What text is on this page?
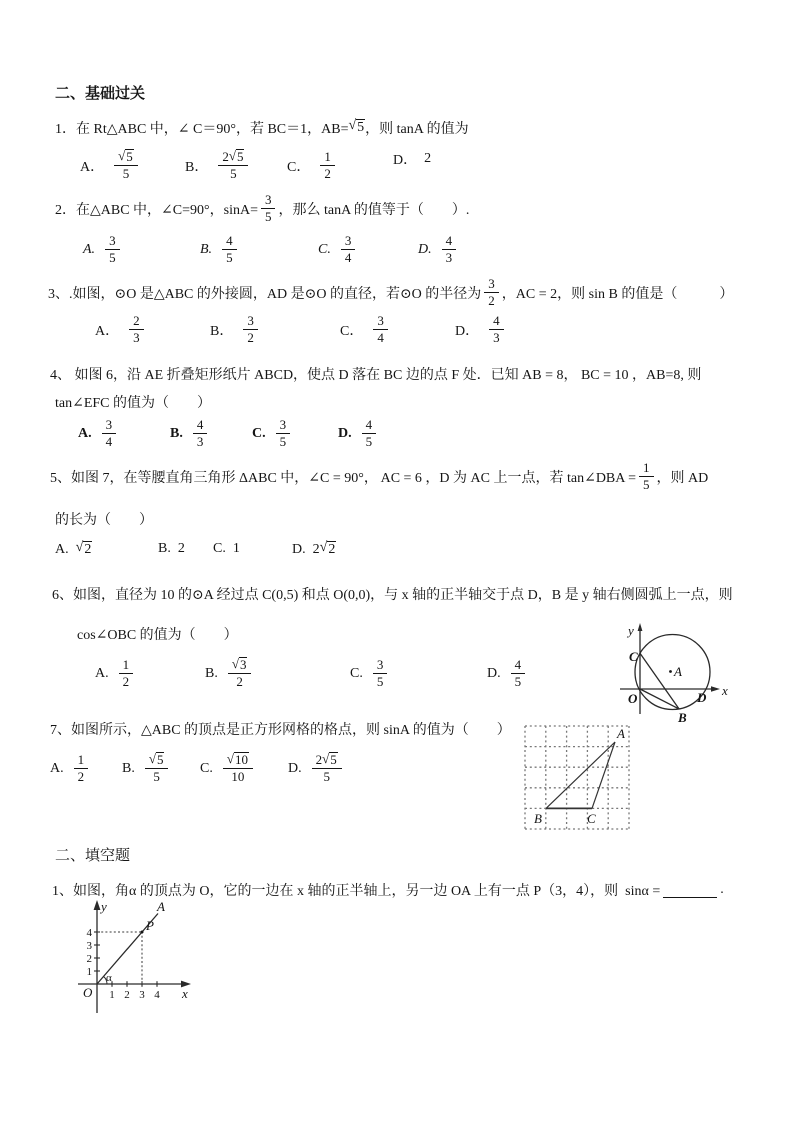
二、基础过关
1．在 Rt△ABC 中，∠ C＝90°，若 BC＝1，AB= √ 5 ，则 tanA 的值为
A． $\frac{√ 5}{5}$	B． $\frac{2 √ 5}{5}$	C． $\frac{1}{2}$	D． 2
2．在△ABC 中，∠C=90°，$\sin A= \frac{3}{5}$ ，那么 tanA 的值等于（　　）.
A. $\frac{3}{5}$	B. $\frac{4}{5}$	C. $\frac{3}{4}$	D. $\frac{4}{3}$
3、.如图，⊙O 是△ABC 的外接圆，AD 是⊙O 的直径，若⊙O 的半径为 $\frac{3}{2}$ ，AC = 2，则 sin B 的值是（　　　）
A． $\frac{2}{3}$	B． $\frac{3}{2}$	C． $\frac{3}{4}$	D． $\frac{4}{3}$
4、 如图 6，沿 AE 折叠矩形纸片 ABCD，使点 D 落在 BC 边的点 F 处．已知 AB = 8， BC = 10 ，AB=8, 则
tan∠EFC 的值为（　　）
A. $\frac{3}{4}$	B. $\frac{4}{3}$	C. $\frac{3}{5}$	D. $\frac{4}{5}$
5、如图 7，在等腰直角三角形 ΔABC 中，∠C = 90°， AC = 6 ，D 为 AC 上一点，若 tan∠DBA = $\frac{1}{5}$ ，则 AD
的长为（　　）
A. √ 2	B. 2 C. 1	D. 2 √ 2
6、如图，直径为 10 的⊙A 经过点 C(0,5) 和点 O(0,0)，与 x 轴的正半轴交于点 D，B 是 y 轴右侧圆弧上一点，则
cos∠OBC 的值为（　　）
A. $\frac{1}{2}$	B. $\frac{√ 3}{2}$	C. $\frac{3}{5}$	D. $\frac{4}{5}$
7、如图所示，△ABC 的顶点是正方形网格的格点，则 sinA 的值为（　　）
A. $\frac{1}{2} B$. $\frac{√ 5}{5} C$. $\frac{√ 10}{10}$	D. $\frac{2 √ 5}{5}$
二、填空题
1、如图，角α 的顶点为 O，它的一边在 x 轴的正半轴上，另一边 OA 上有一点 P（3，4），则  sinα =	.
y
C
A
O	D x
B
B	C
A
y
x
O
A
P
α
1 2 3 4
4
3
2
1
